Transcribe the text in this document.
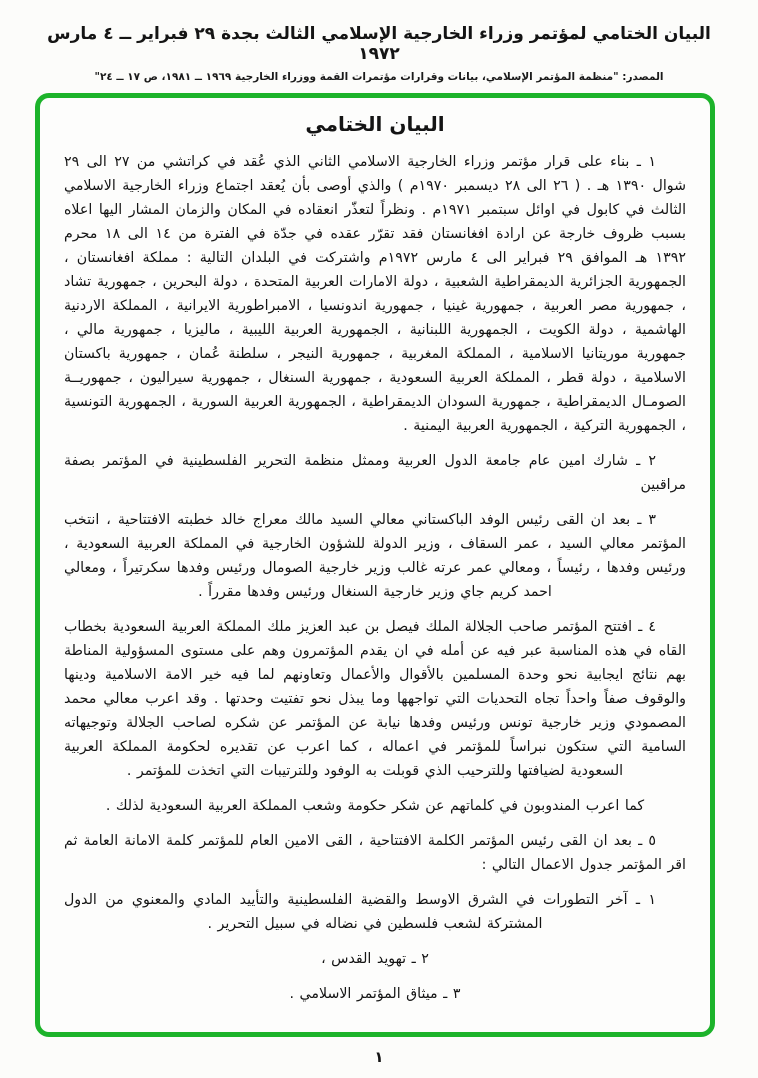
البيان الختامي لمؤتمر وزراء الخارجية الإسلامي الثالث بجدة ٢٩ فبراير ــ ٤ مارس ١٩٧٢
المصدر: "منظمة المؤتمر الإسلامي، بيانات وقرارات مؤتمرات القمة ووزراء الخارجية ١٩٦٩ ــ ١٩٨١، ص ١٧ ــ ٢٤"
البيان الختامي

١ ـ بناء على قرار مؤتمر وزراء الخارجية الاسلامي الثاني الذي عُقد في كراتشي من ٢٧ الى ٢٩ شوال ١٣٩٠ هـ . ( ٢٦ الى ٢٨ ديسمبر ١٩٧٠م ) والذي أوصى بأن يُعقد اجتماع وزراء الخارجية الاسلامي الثالث في كابول في اوائل سبتمبر ١٩٧١م . ونظراً لتعذّر انعقاده في المكان والزمان المشار اليها اعلاه بسبب ظروف خارجة عن ارادة افغانستان فقد تقرّر عقده في جدّة في الفترة من ١٤ الى ١٨ محرم ١٣٩٢ هـ الموافق ٢٩ فبراير الى ٤ مارس ١٩٧٢م واشتركت في البلدان التالية : مملكة افغانستان ، الجمهورية الجزائرية الديمقراطية الشعبية ، دولة الامارات العربية المتحدة ، دولة البحرين ، جمهورية تشاد ، جمهورية مصر العربية ، جمهورية غينيا ، جمهورية اندونسيا ، الامبراطورية الايرانية ، المملكة الاردنية الهاشمية ، دولة الكويت ، الجمهورية اللبنانية ، الجمهورية العربية الليبية ، ماليزيا ، جمهورية مالي ، جمهورية موريتانيا الاسلامية ، المملكة المغربية ، جمهورية النيجر ، سلطنة عُمان ، جمهورية باكستان الاسلامية ، دولة قطر ، المملكة العربية السعودية ، جمهورية السنغال ، جمهورية سيراليون ، جمهوريــة الصومـال الديمقراطية ، جمهورية السودان الديمقراطية ، الجمهورية العربية السورية ، الجمهورية التونسية ، الجمهورية التركية ، الجمهورية العربية اليمنية .

٢ ـ شارك امين عام جامعة الدول العربية وممثل منظمة التحرير الفلسطينية في المؤتمر بصفة مراقبين

٣ ـ بعد ان القى رئيس الوفد الباكستاني معالي السيد مالك معراج خالد خطبته الافتتاحية ، انتخب المؤتمر معالي السيد ، عمر السقاف ، وزير الدولة للشؤون الخارجية في المملكة العربية السعودية ، ورئيس وفدها ، رئيساً ، ومعالي عمر عرته غالب وزير خارجية الصومال ورئيس وفدها سكرتيراً ، ومعالي احمد كريم جاي وزير خارجية السنغال ورئيس وفدها مقرراً .

٤ ـ افتتح المؤتمر صاحب الجلالة الملك فيصل بن عبد العزيز ملك المملكة العربية السعودية بخطاب القاه في هذه المناسبة عبر فيه عن أمله في ان يقدم المؤتمرون وهم على مستوى المسؤولية المناطة بهم نتائج ايجابية نحو وحدة المسلمين بالأقوال والأعمال وتعاونهم لما فيه خير الامة الاسلامية ودينها والوقوف صفاً واحداً تجاه التحديات التي تواجهها وما يبذل نحو تفتيت وحدتها . وقد اعرب معالي محمد المصمودي وزير خارجية تونس ورئيس وفدها نيابة عن المؤتمر عن شكره لصاحب الجلالة وتوجيهاته السامية التي ستكون نبراساً للمؤتمر في اعماله ، كما اعرب عن تقديره لحكومة المملكة العربية السعودية لضيافتها وللترحيب الذي قوبلت به الوفود وللترتيبات التي اتخذت للمؤتمر .

كما اعرب المندوبون في كلماتهم عن شكر حكومة وشعب المملكة العربية السعودية لذلك .

٥ ـ بعد ان القى رئيس المؤتمر الكلمة الافتتاحية ، القى الامين العام للمؤتمر كلمة الامانة العامة ثم اقر المؤتمر جدول الاعمال التالي :

١ ـ آخر التطورات في الشرق الاوسط والقضية الفلسطينية والتأييد المادي والمعنوي من الدول المشتركة لشعب فلسطين في نضاله في سبيل التحرير .

٢ ـ تهويد القدس ،

٣ ـ ميثاق المؤتمر الاسلامي .

١
